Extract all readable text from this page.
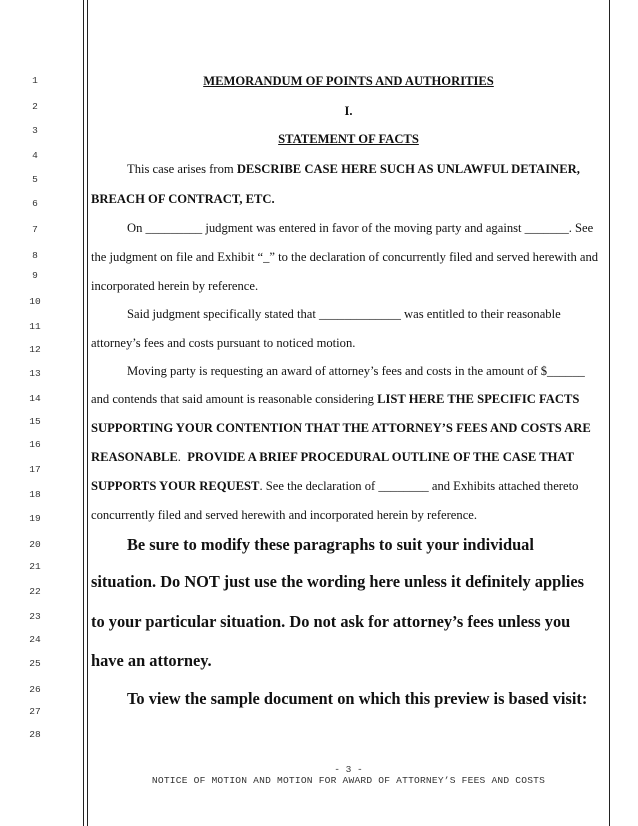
1
2
3
4
5
6
7
8
9
10
11
12
13
14
15
16
17
18
19
20
21
22
23
24
25
26
27
28
MEMORANDUM OF POINTS AND AUTHORITIES
I.
STATEMENT OF FACTS
This case arises from DESCRIBE CASE HERE SUCH AS UNLAWFUL DETAINER,
BREACH OF CONTRACT, ETC.
On _________ judgment was entered in favor of the moving party and against _______. See
the judgment on file and Exhibit “_” to the declaration of concurrently filed and served herewith and
incorporated herein by reference.
Said judgment specifically stated that _____________ was entitled to their reasonable
attorney’s fees and costs pursuant to noticed motion.
Moving party is requesting an award of attorney’s fees and costs in the amount of $______
and contends that said amount is reasonable considering LIST HERE THE SPECIFIC FACTS
SUPPORTING YOUR CONTENTION THAT THE ATTORNEY’S FEES AND COSTS ARE
REASONABLE.  PROVIDE A BRIEF PROCEDURAL OUTLINE OF THE CASE THAT
SUPPORTS YOUR REQUEST. See the declaration of ________ and Exhibits attached thereto
concurrently filed and served herewith and incorporated herein by reference.
Be sure to modify these paragraphs to suit your individual
situation. Do NOT just use the wording here unless it definitely applies
to your particular situation. Do not ask for attorney’s fees unless you
have an attorney.
To view the sample document on which this preview is based visit:
- 3 -
NOTICE OF MOTION AND MOTION FOR AWARD OF ATTORNEY’S FEES AND COSTS
